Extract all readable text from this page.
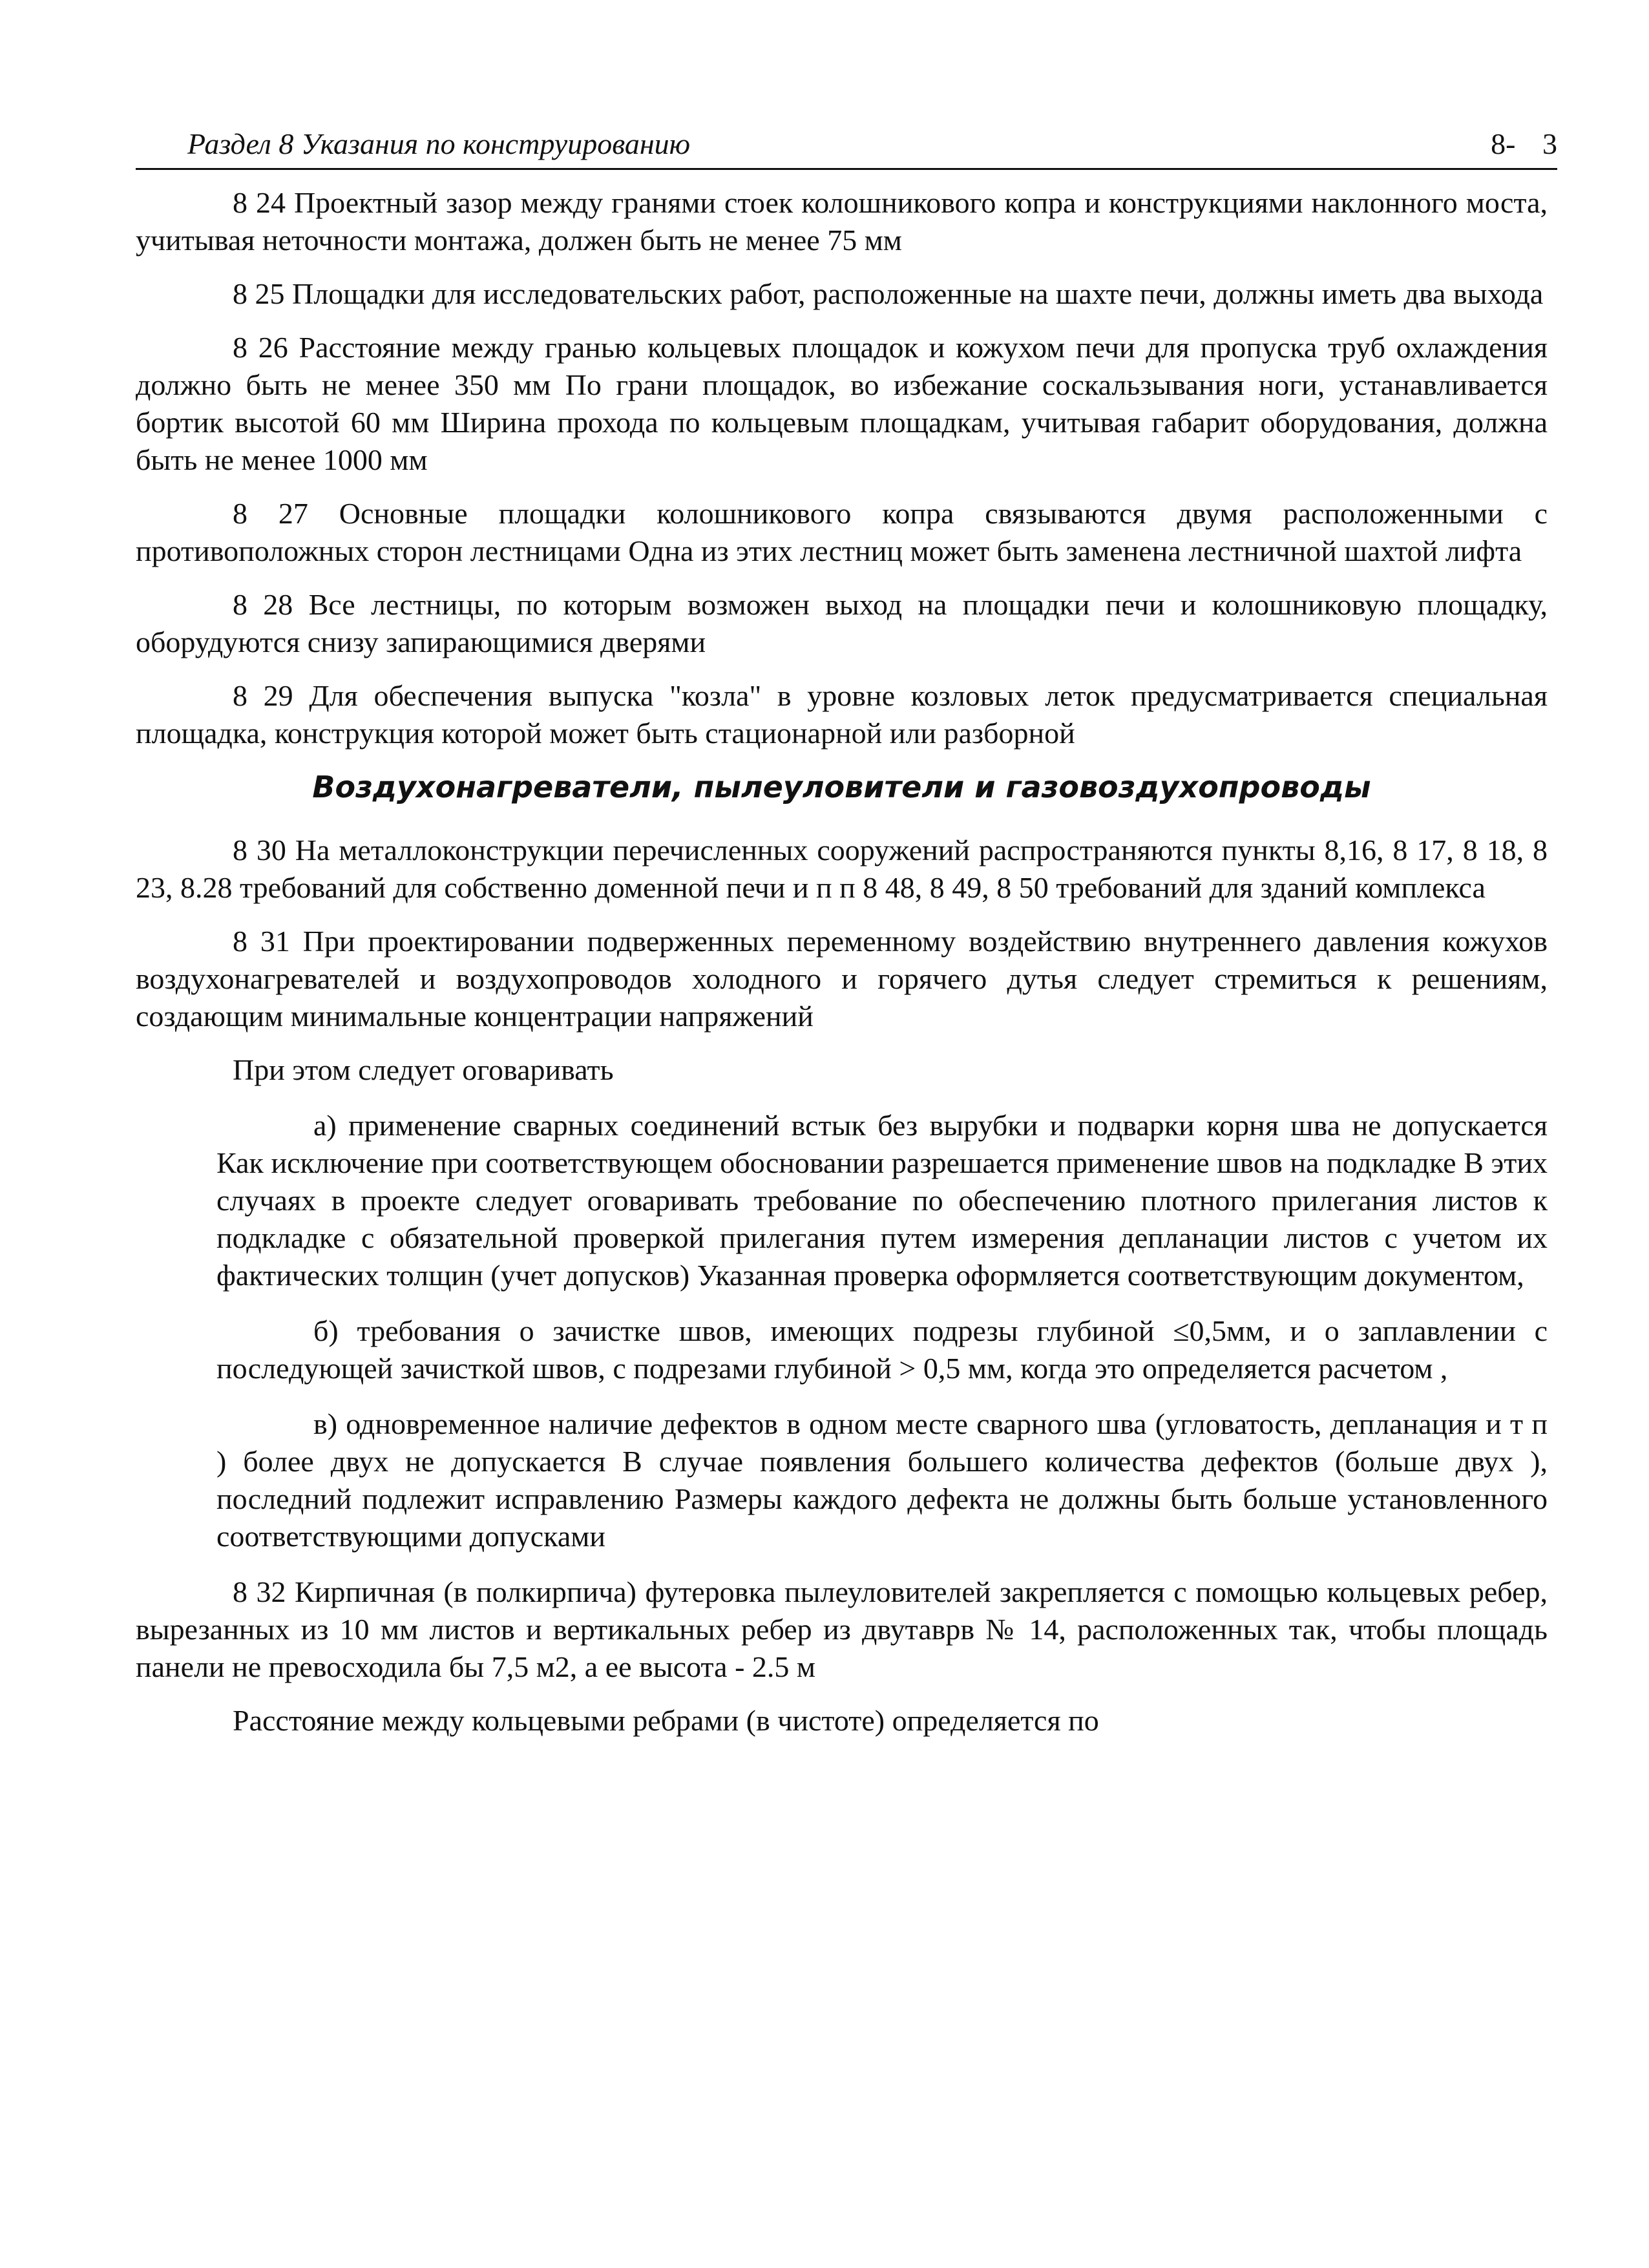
Раздел 8 Указания по конструированию	8- 3

8 24 Проектный зазор между гранями стоек колошникового копра и конструкциями наклонного моста, учитывая неточности монтажа, должен быть не менее 75 мм

8 25 Площадки для исследовательских работ, расположенные на шахте печи, должны иметь два выхода

8 26 Расстояние между гранью кольцевых площадок и кожухом печи для пропуска труб охлаждения должно быть не менее 350 мм По грани площадок, во избежание соскальзывания ноги, устанавливается бортик высотой 60 мм Ширина прохода по кольцевым площадкам, учитывая габарит оборудования, должна быть не менее 1000 мм

8 27 Основные площадки колошникового копра связываются двумя расположенными с противоположных сторон лестницами Одна из этих лестниц может быть заменена лестничной шахтой лифта

8 28 Все лестницы, по которым возможен выход на площадки печи и колошниковую площадку, оборудуются снизу запирающимися дверями

8 29 Для обеспечения выпуска "козла" в уровне козловых леток предусматривается специальная площадка, конструкция которой может быть стационарной или разборной

Воздухонагреватели, пылеуловители и газовоздухопроводы

8 30 На металлоконструкции перечисленных сооружений распространяются пункты 8,16, 8 17, 8 18, 8 23, 8.28 требований для собственно доменной печи и п п 8 48, 8 49, 8 50 требований для зданий комплекса

8 31 При проектировании подверженных переменному воздействию внутреннего давления кожухов воздухонагревателей и воздухопроводов холодного и горячего дутья следует стремиться к решениям, создающим минимальные концентрации напряжений

При этом следует оговаривать

а) применение сварных соединений встык без вырубки и подварки корня шва не допускается Как исключение при соответствующем обосновании разрешается применение швов на подкладке В этих случаях в проекте следует оговаривать требование по обеспечению плотного прилегания листов к подкладке с обязательной проверкой прилегания путем измерения депланации листов с учетом их фактических толщин (учет допусков) Указанная проверка оформляется соответствующим документом,

б) требования о зачистке швов, имеющих подрезы глубиной ≤0,5мм, и о заплавлении с последующей зачисткой швов, с подрезами глубиной > 0,5 мм, когда это определяется расчетом ,

в) одновременное наличие дефектов в одном месте сварного шва (угловатость, депланация и т п ) более двух не допускается В случае появления большего количества дефектов (больше двух ), последний подлежит исправлению Размеры каждого дефекта не должны быть больше установленного соответствующими допусками

8 32 Кирпичная (в полкирпича) футеровка пылеуловителей закрепляется с помощью кольцевых ребер, вырезанных из 10 мм листов и вертикальных ребер из двутаврв № 14, расположенных так, чтобы площадь панели не превосходила бы 7,5 м2, а ее высота - 2.5 м

Расстояние между кольцевыми ребрами (в чистоте) определяется по
